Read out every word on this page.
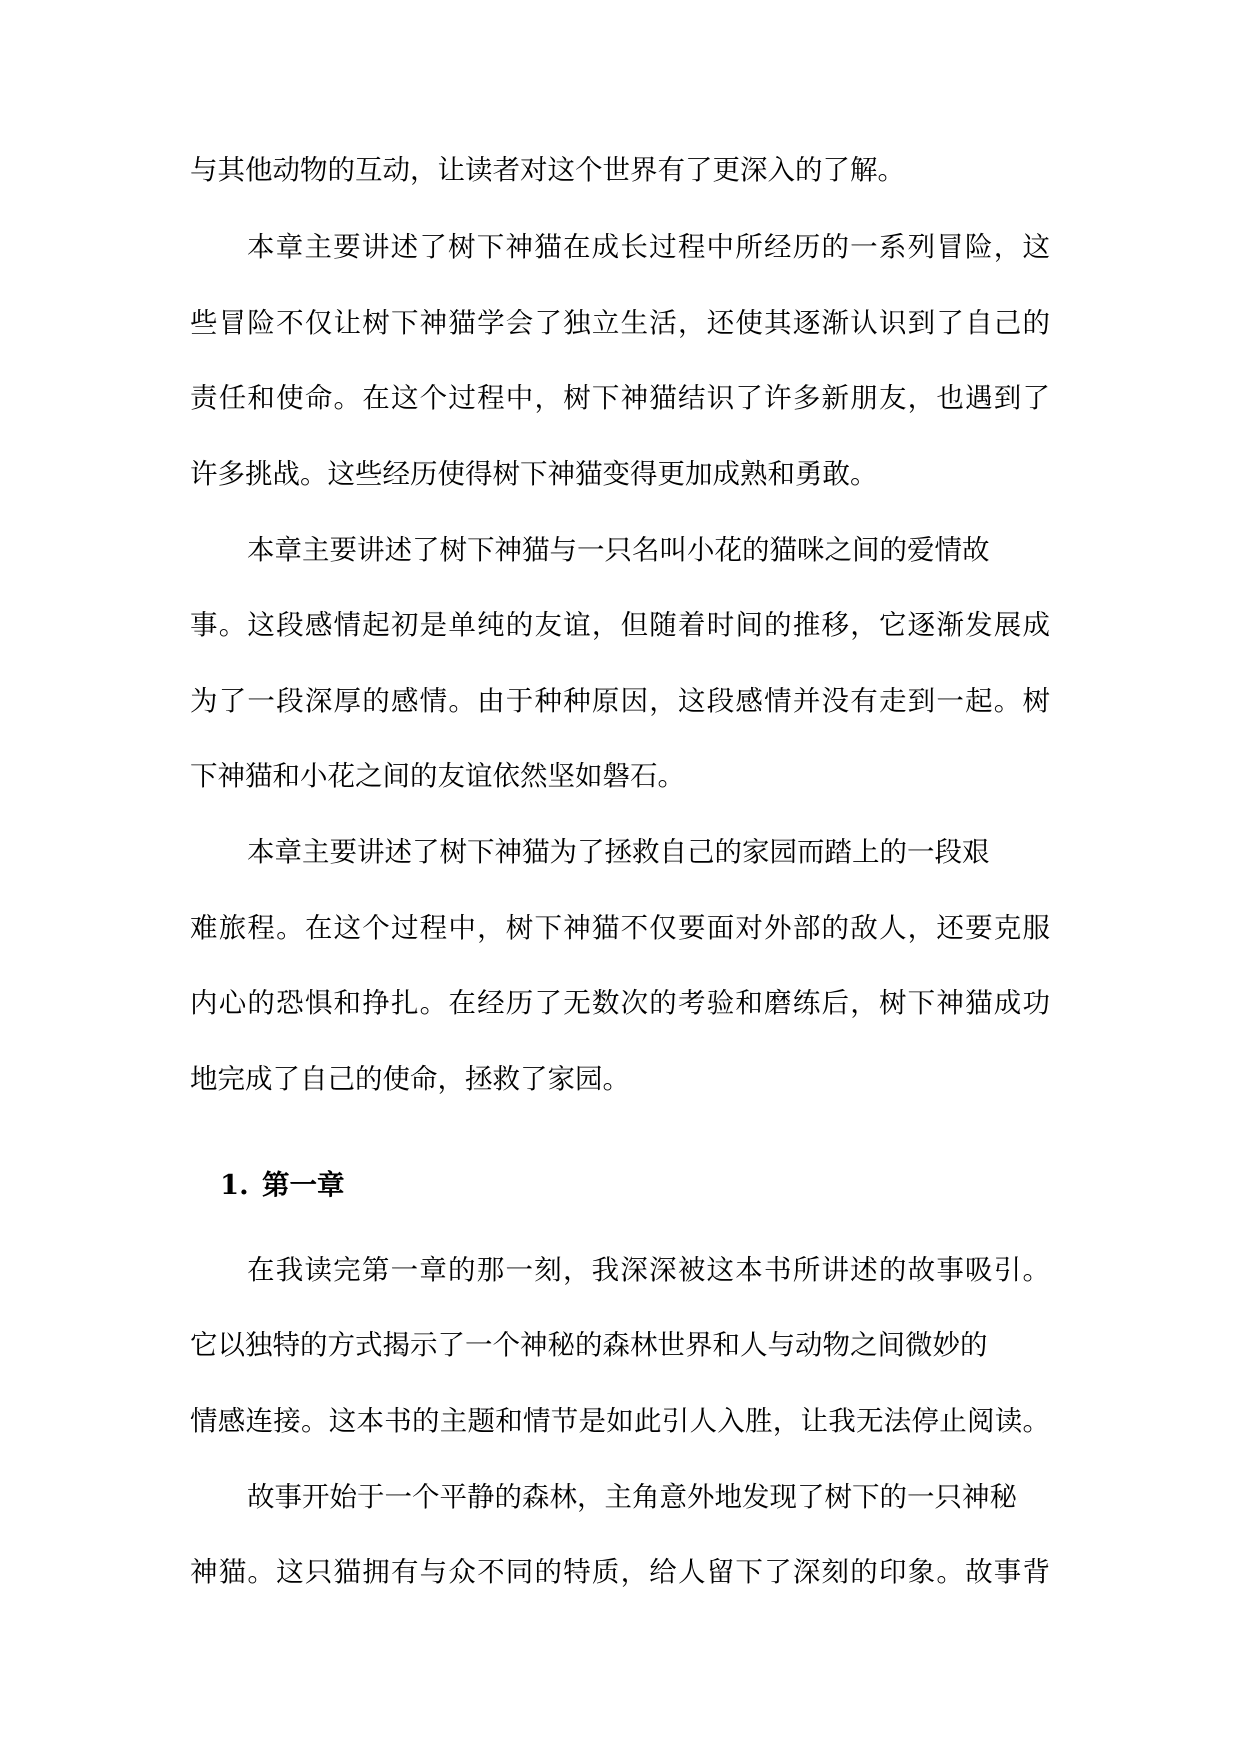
与其他动物的互动，让读者对这个世界有了更深入的了解。
本章主要讲述了树下神猫在成长过程中所经历的一系列冒险，这
些冒险不仅让树下神猫学会了独立生活，还使其逐渐认识到了自己的
责任和使命。在这个过程中，树下神猫结识了许多新朋友，也遇到了
许多挑战。这些经历使得树下神猫变得更加成熟和勇敢。
本章主要讲述了树下神猫与一只名叫小花的猫咪之间的爱情故
事。这段感情起初是单纯的友谊，但随着时间的推移，它逐渐发展成
为了一段深厚的感情。由于种种原因，这段感情并没有走到一起。树
下神猫和小花之间的友谊依然坚如磐石。
本章主要讲述了树下神猫为了拯救自己的家园而踏上的一段艰
难旅程。在这个过程中，树下神猫不仅要面对外部的敌人，还要克服
内心的恐惧和挣扎。在经历了无数次的考验和磨练后，树下神猫成功
地完成了自己的使命，拯救了家园。
1. 第一章
在我读完第一章的那一刻，我深深被这本书所讲述的故事吸引。
它以独特的方式揭示了一个神秘的森林世界和人与动物之间微妙的
情感连接。这本书的主题和情节是如此引人入胜，让我无法停止阅读。
故事开始于一个平静的森林，主角意外地发现了树下的一只神秘
神猫。这只猫拥有与众不同的特质，给人留下了深刻的印象。故事背
